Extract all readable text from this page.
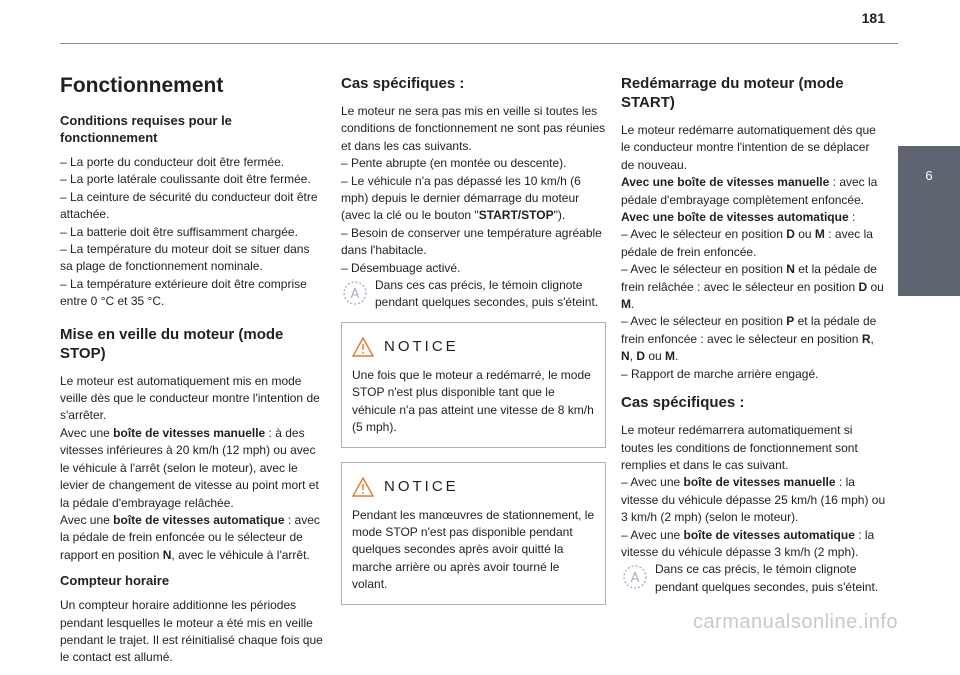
181
6
Conduite
Fonctionnement
Conditions requises pour le fonctionnement
– La porte du conducteur doit être fermée.
– La porte latérale coulissante doit être fermée.
– La ceinture de sécurité du conducteur doit être attachée.
– La batterie doit être suffisamment chargée.
– La température du moteur doit se situer dans sa plage de fonctionnement nominale.
– La température extérieure doit être comprise entre 0 °C et 35 °C.
Mise en veille du moteur (mode STOP)

Le moteur est automatiquement mis en mode veille dès que le conducteur montre l'intention de s'arrêter.
Avec une boîte de vitesses manuelle : à des vitesses inférieures à 20 km/h (12 mph) ou avec le véhicule à l'arrêt (selon le moteur), avec le levier de changement de vitesse au point mort et la pédale d'embrayage relâchée.
Avec une boîte de vitesses automatique : avec la pédale de frein enfoncée ou le sélecteur de rapport en position N, avec le véhicule à l'arrêt.

Compteur horaire

Un compteur horaire additionne les périodes pendant lesquelles le moteur a été mis en veille pendant le trajet. Il est réinitialisé chaque fois que le contact est allumé.

Cas spécifiques :
Le moteur ne sera pas mis en veille si toutes les conditions de fonctionnement ne sont pas réunies et dans les cas suivants.
– Pente abrupte (en montée ou descente).
– Le véhicule n'a pas dépassé les 10 km/h (6 mph) depuis le dernier démarrage du moteur (avec la clé ou le bouton "START/STOP").
– Besoin de conserver une température agréable dans l'habitacle.
– Désembuage activé.
A
Dans ces cas précis, le témoin clignote pendant quelques secondes, puis s'éteint.
NOTICE
Une fois que le moteur a redémarré, le mode STOP n'est plus disponible tant que le véhicule n'a pas atteint une vitesse de 8 km/h (5 mph).
NOTICE
Pendant les manœuvres de stationnement, le mode STOP n'est pas disponible pendant quelques secondes après avoir quitté la marche arrière ou après avoir tourné le volant.
Redémarrage du moteur (mode START)
Le moteur redémarre automatiquement dès que le conducteur montre l'intention de se déplacer de nouveau.
Avec une boîte de vitesses manuelle : avec la pédale d'embrayage complètement enfoncée.
Avec une boîte de vitesses automatique :
– Avec le sélecteur en position D ou M : avec la pédale de frein enfoncée.
– Avec le sélecteur en position N et la pédale de frein relâchée : avec le sélecteur en position D ou M.
– Avec le sélecteur en position P et la pédale de frein enfoncée : avec le sélecteur en position R, N, D ou M.
– Rapport de marche arrière engagé.
Cas spécifiques :
Le moteur redémarrera automatiquement si toutes les conditions de fonctionnement sont remplies et dans le cas suivant.
– Avec une boîte de vitesses manuelle : la vitesse du véhicule dépasse 25 km/h (16 mph) ou 3 km/h (2 mph) (selon le moteur).
– Avec une boîte de vitesses automatique : la vitesse du véhicule dépasse 3 km/h (2 mph).
A
Dans ce cas précis, le témoin clignote pendant quelques secondes, puis s'éteint.
carmanualsonline.info
